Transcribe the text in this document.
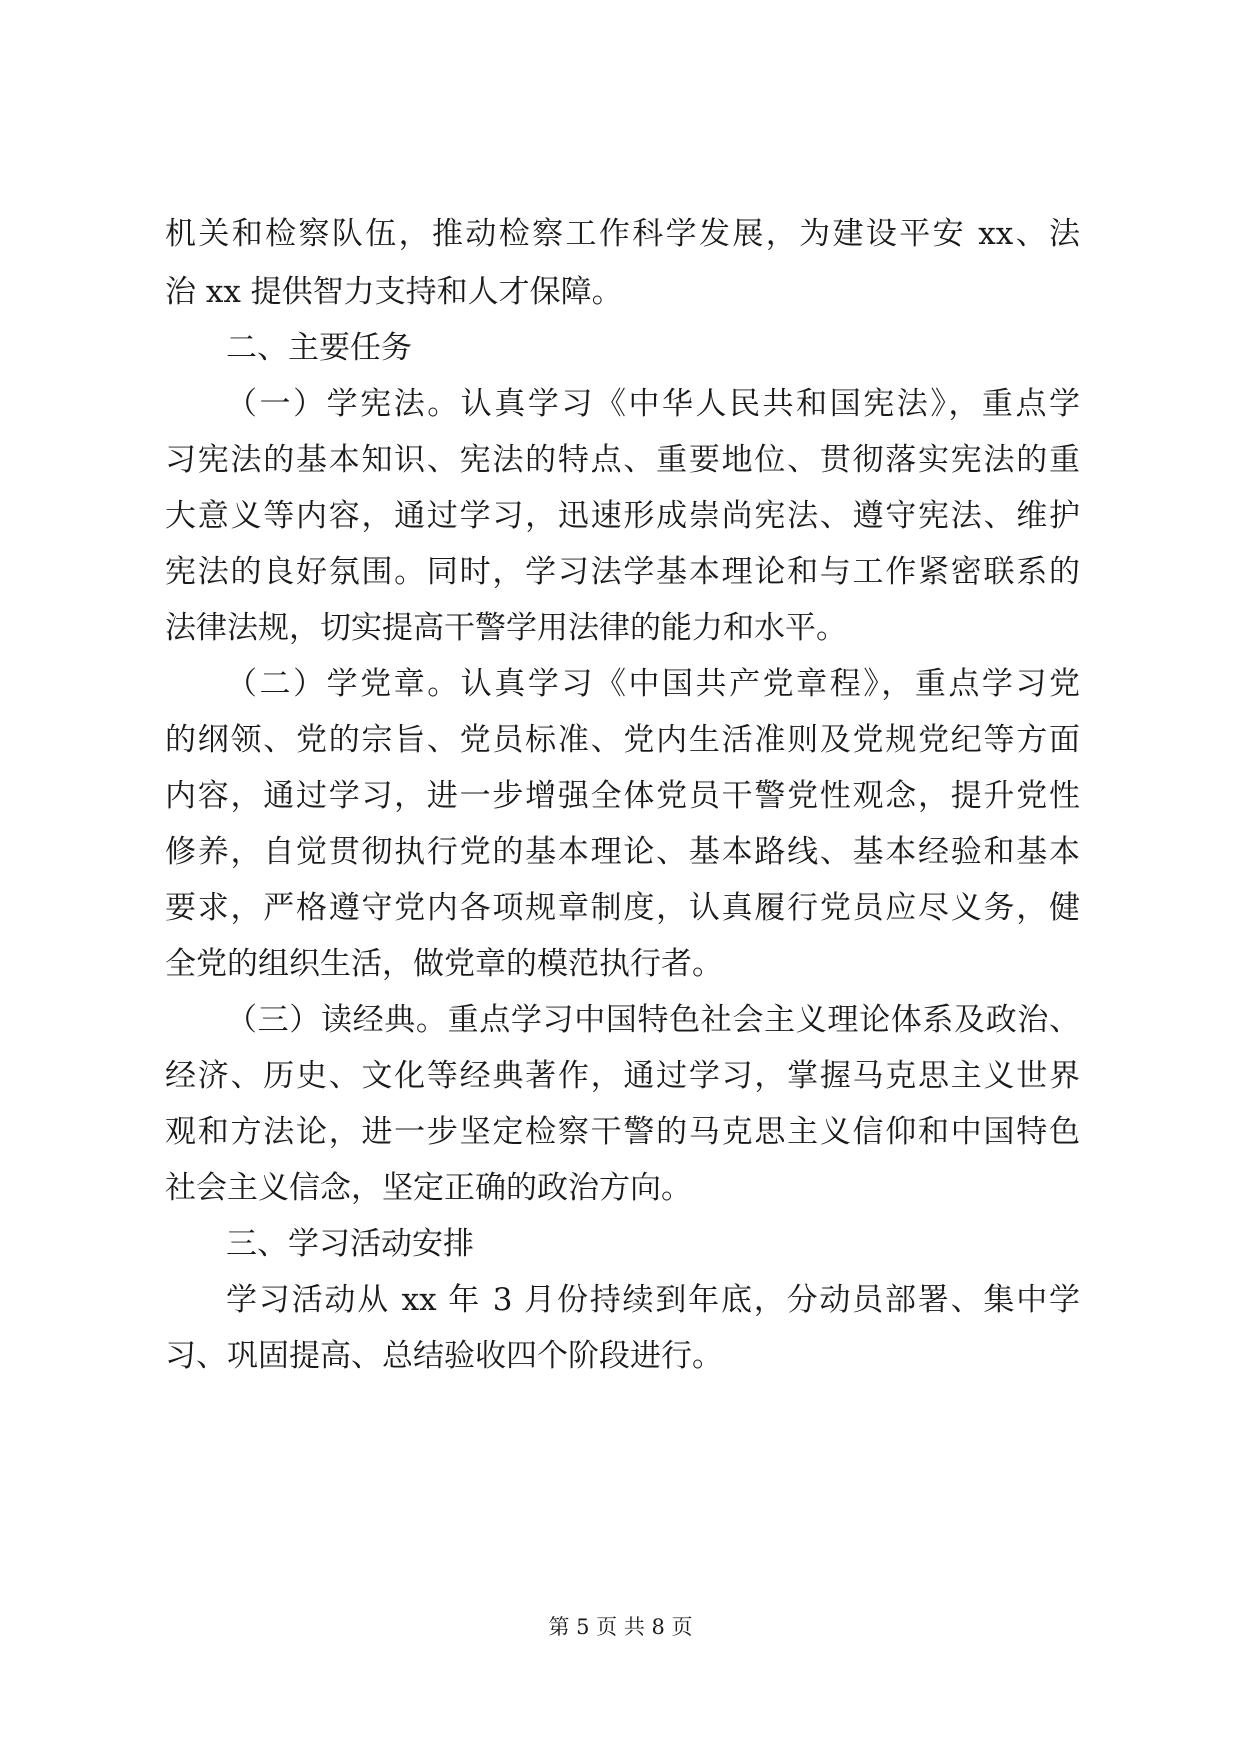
机关和检察队伍，推动检察工作科学发展，为建设平安 xx、法
治 xx 提供智力支持和人才保障。
二、主要任务
（一）学宪法。认真学习《中华人民共和国宪法》，重点学
习宪法的基本知识、宪法的特点、重要地位、贯彻落实宪法的重
大意义等内容，通过学习，迅速形成崇尚宪法、遵守宪法、维护
宪法的良好氛围。同时，学习法学基本理论和与工作紧密联系的
法律法规，切实提高干警学用法律的能力和水平。
（二）学党章。认真学习《中国共产党章程》，重点学习党
的纲领、党的宗旨、党员标准、党内生活准则及党规党纪等方面
内容，通过学习，进一步增强全体党员干警党性观念，提升党性
修养，自觉贯彻执行党的基本理论、基本路线、基本经验和基本
要求，严格遵守党内各项规章制度，认真履行党员应尽义务，健
全党的组织生活，做党章的模范执行者。
（三）读经典。重点学习中国特色社会主义理论体系及政治、
经济、历史、文化等经典著作，通过学习，掌握马克思主义世界
观和方法论，进一步坚定检察干警的马克思主义信仰和中国特色
社会主义信念，坚定正确的政治方向。
三、学习活动安排
学习活动从 xx 年 3 月份持续到年底，分动员部署、集中学
习、巩固提高、总结验收四个阶段进行。
第 5 页 共 8 页
